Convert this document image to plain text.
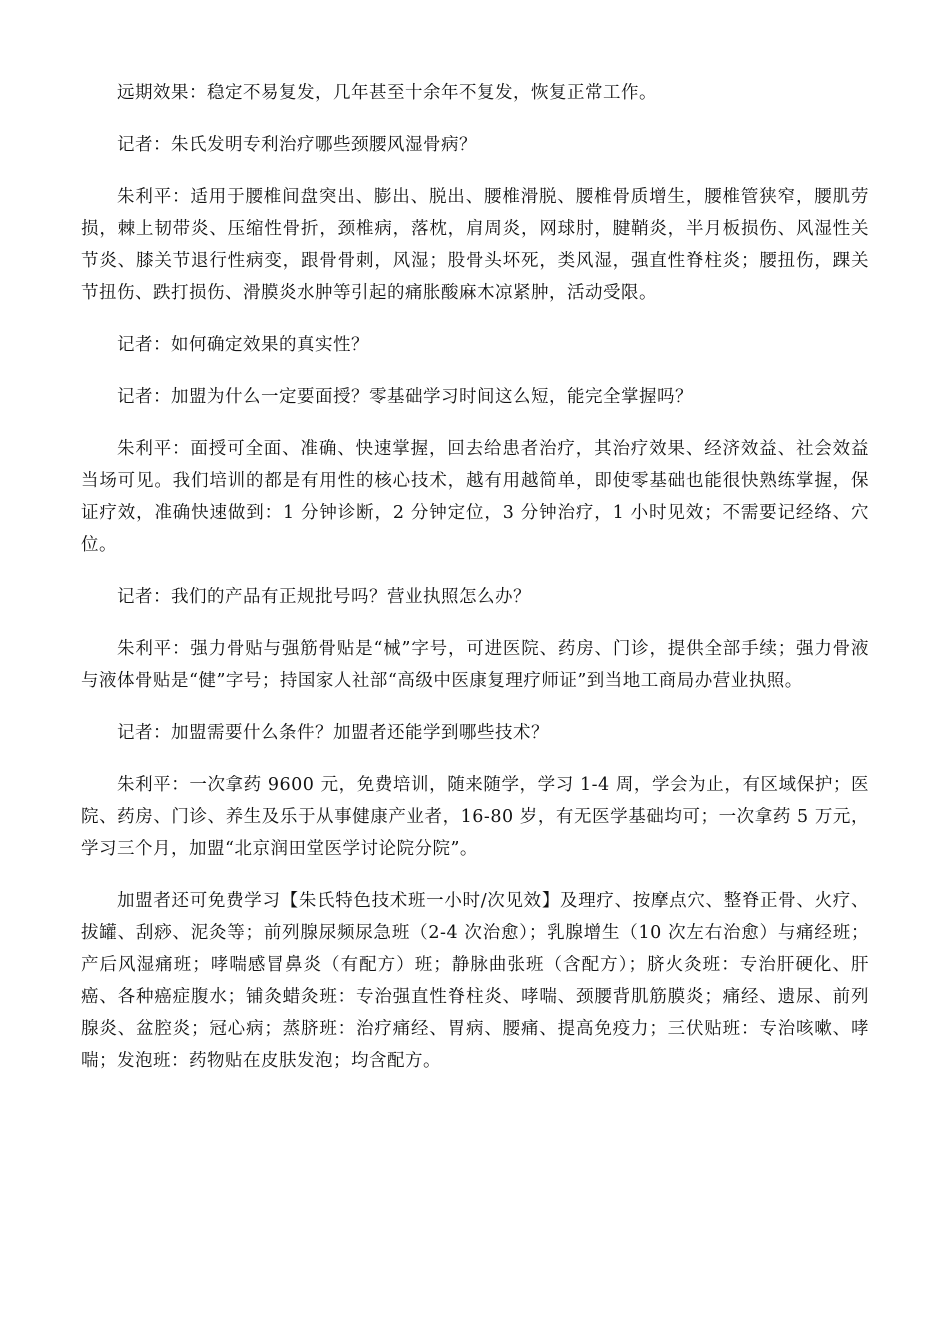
远期效果：稳定不易复发，几年甚至十余年不复发，恢复正常工作。

记者：朱氏发明专利治疗哪些颈腰风湿骨病？

朱利平：适用于腰椎间盘突出、膨出、脱出、腰椎滑脱、腰椎骨质增生，腰椎管狭窄，腰肌劳损，棘上韧带炎、压缩性骨折，颈椎病，落枕，肩周炎，网球肘，腱鞘炎，半月板损伤、风湿性关节炎、膝关节退行性病变，跟骨骨刺，风湿；股骨头坏死，类风湿，强直性脊柱炎；腰扭伤，踝关节扭伤、跌打损伤、滑膜炎水肿等引起的痛胀酸麻木凉紧肿，活动受限。

记者：如何确定效果的真实性？

记者：加盟为什么一定要面授？零基础学习时间这么短，能完全掌握吗？

朱利平：面授可全面、准确、快速掌握，回去给患者治疗，其治疗效果、经济效益、社会效益当场可见。我们培训的都是有用性的核心技术，越有用越简单，即使零基础也能很快熟练掌握，保证疗效，准确快速做到：1 分钟诊断，2 分钟定位，3 分钟治疗，1 小时见效；不需要记经络、穴位。

记者：我们的产品有正规批号吗？营业执照怎么办？

朱利平：强力骨贴与强筋骨贴是“械”字号，可进医院、药房、门诊，提供全部手续；强力骨液与液体骨贴是“健”字号；持国家人社部“高级中医康复理疗师证”到当地工商局办营业执照。

记者：加盟需要什么条件？加盟者还能学到哪些技术？

朱利平：一次拿药 9600 元，免费培训，随来随学，学习 1-4 周，学会为止，有区域保护；医院、药房、门诊、养生及乐于从事健康产业者，16-80 岁，有无医学基础均可；一次拿药 5 万元，学习三个月，加盟“北京润田堂医学讨论院分院”。

加盟者还可免费学习【朱氏特色技术班一小时/次见效】及理疗、按摩点穴、整脊正骨、火疗、拔罐、刮痧、泥灸等；前列腺尿频尿急班（2-4 次治愈）；乳腺增生（10 次左右治愈）与痛经班；产后风湿痛班；哮喘感冒鼻炎（有配方）班；静脉曲张班（含配方）；脐火灸班：专治肝硬化、肝癌、各种癌症腹水；铺灸蜡灸班：专治强直性脊柱炎、哮喘、颈腰背肌筋膜炎；痛经、遗尿、前列腺炎、盆腔炎；冠心病；蒸脐班：治疗痛经、胃病、腰痛、提高免疫力；三伏贴班：专治咳嗽、哮喘；发泡班：药物贴在皮肤发泡；均含配方。
